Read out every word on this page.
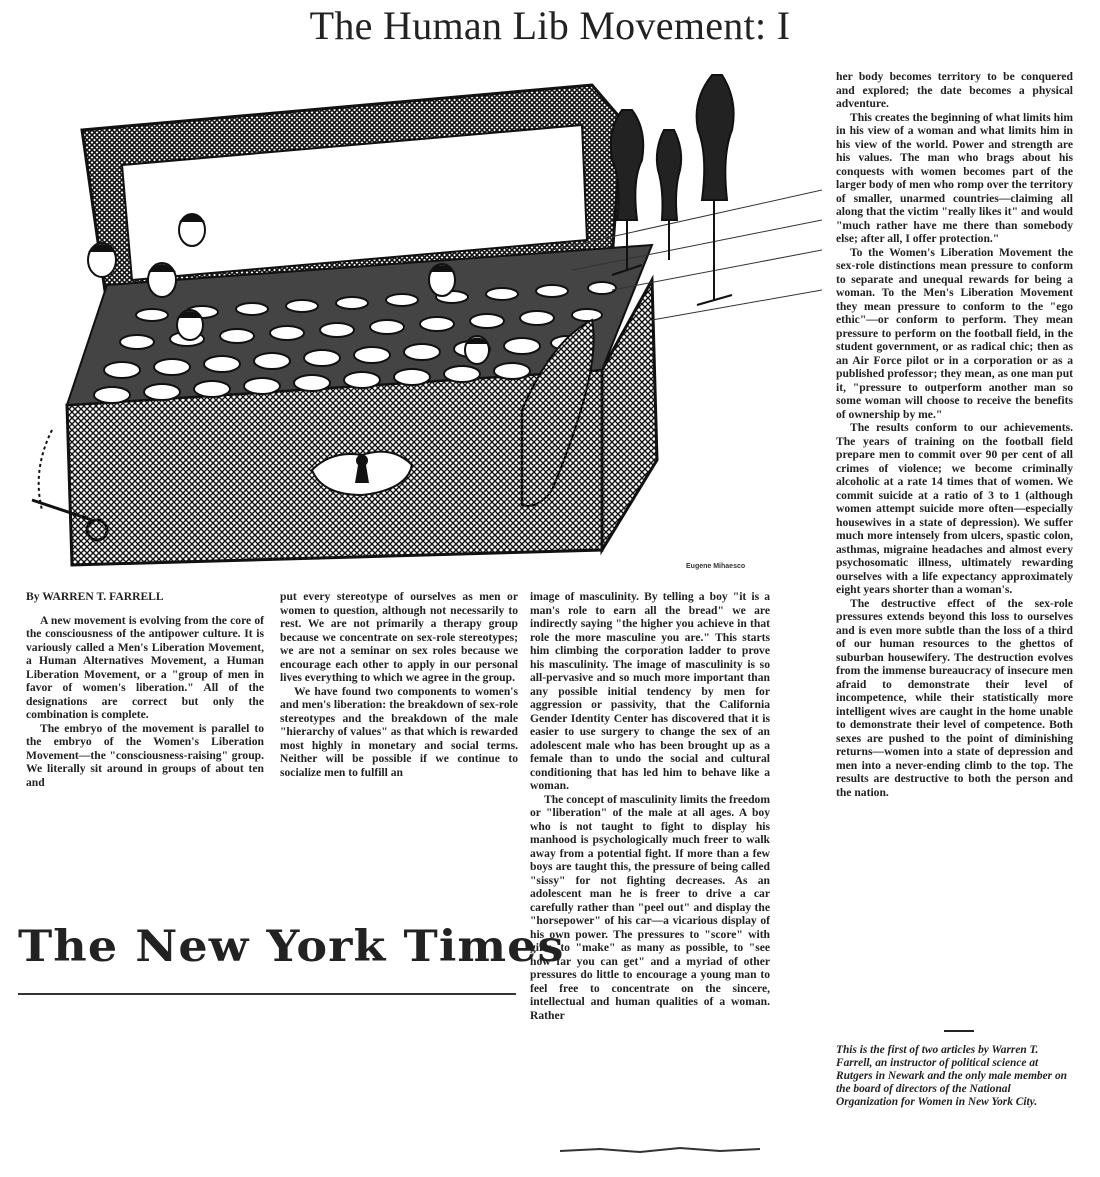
The Human Lib Movement: I
Eugene Mihaesco

By WARREN T. FARRELL

A new movement is evolving from the core of the consciousness of the antipower culture. It is variously called a Men's Liberation Movement, a Human Alternatives Movement, a Human Liberation Movement, or a "group of men in favor of women's liberation." All of the designations are correct but only the combination is complete.

The embryo of the movement is parallel to the embryo of the Women's Liberation Movement—the "consciousness-raising" group. We literally sit around in groups of about ten and

put every stereotype of ourselves as men or women to question, although not necessarily to rest. We are not primarily a therapy group because we concentrate on sex-role stereotypes; we are not a seminar on sex roles because we encourage each other to apply in our personal lives everything to which we agree in the group.

We have found two components to women's and men's liberation: the breakdown of sex-role stereotypes and the breakdown of the male "hierarchy of values" as that which is rewarded most highly in monetary and social terms. Neither will be possible if we continue to socialize men to fulfill an

image of masculinity. By telling a boy "it is a man's role to earn all the bread" we are indirectly saying "the higher you achieve in that role the more masculine you are." This starts him climbing the corporation ladder to prove his masculinity. The image of masculinity is so all-pervasive and so much more important than any possible initial tendency by men for aggression or passivity, that the California Gender Identity Center has discovered that it is easier to use surgery to change the sex of an adolescent male who has been brought up as a female than to undo the social and cultural conditioning that has led him to behave like a woman.

The concept of masculinity limits the freedom or "liberation" of the male at all ages. A boy who is not taught to fight to display his manhood is psychologically much freer to walk away from a potential fight. If more than a few boys are taught this, the pressure of being called "sissy" for not fighting decreases. As an adolescent man he is freer to drive a car carefully rather than "peel out" and display the "horsepower" of his car—a vicarious display of his own power. The pressures to "score" with girls, to "make" as many as possible, to "see how far you can get" and a myriad of other pressures do little to encourage a young man to feel free to concentrate on the sincere, intellectual and human qualities of a woman. Rather

her body becomes territory to be conquered and explored; the date becomes a physical adventure.

This creates the beginning of what limits him in his view of a woman and what limits him in his view of the world. Power and strength are his values. The man who brags about his conquests with women becomes part of the larger body of men who romp over the territory of smaller, unarmed countries—claiming all along that the victim "really likes it" and would "much rather have me there than somebody else; after all, I offer protection."

To the Women's Liberation Movement the sex-role distinctions mean pressure to conform to separate and unequal rewards for being a woman. To the Men's Liberation Movement they mean pressure to conform to the "ego ethic"—or conform to perform. They mean pressure to perform on the football field, in the student government, or as radical chic; then as an Air Force pilot or in a corporation or as a published professor; they mean, as one man put it, "pressure to outperform another man so some woman will choose to receive the benefits of ownership by me."

The results conform to our achievements. The years of training on the football field prepare men to commit over 90 per cent of all crimes of violence; we become criminally alcoholic at a rate 14 times that of women. We commit suicide at a ratio of 3 to 1 (although women attempt suicide more often—especially housewives in a state of depression). We suffer much more intensely from ulcers, spastic colon, asthmas, migraine headaches and almost every psychosomatic illness, ultimately rewarding ourselves with a life expectancy approximately eight years shorter than a woman's.

The destructive effect of the sex-role pressures extends beyond this loss to ourselves and is even more subtle than the loss of a third of our human resources to the ghettos of suburban housewifery. The destruction evolves from the immense bureaucracy of insecure men afraid to demonstrate their level of incompetence, while their statistically more intelligent wives are caught in the home unable to demonstrate their level of competence. Both sexes are pushed to the point of diminishing returns—women into a state of depression and men into a never-ending climb to the top. The results are destructive to both the person and the nation.

The New York Times
This is the first of two articles by Warren T. Farrell, an instructor of political science at Rutgers in Newark and the only male member on the board of directors of the National Organization for Women in New York City.
